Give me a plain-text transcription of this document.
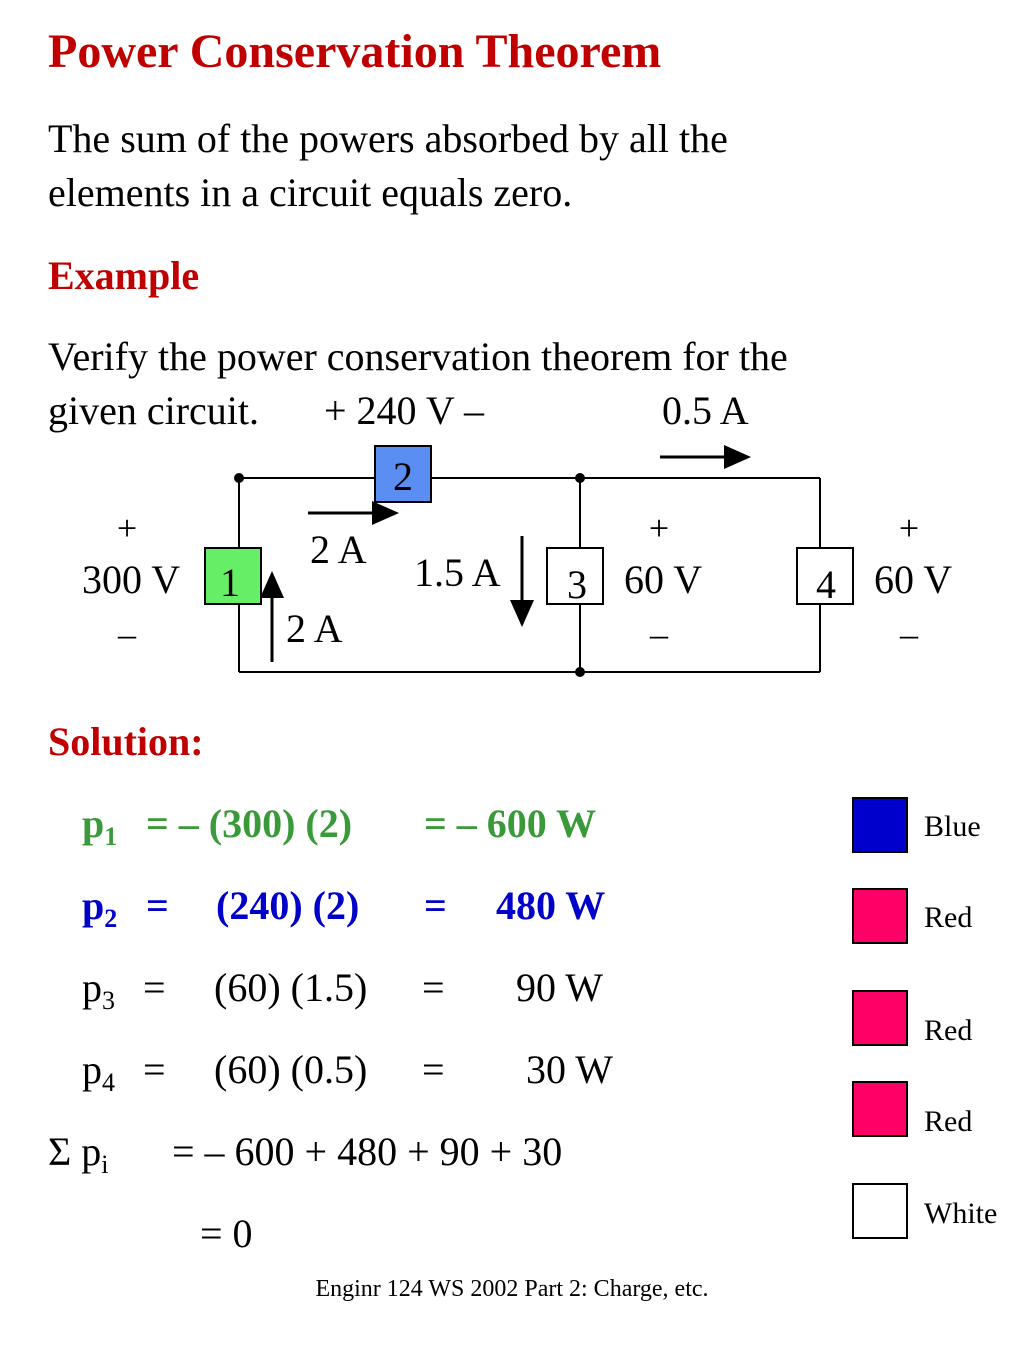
Power Conservation Theorem
The sum of the powers absorbed by all the
elements in a circuit equals zero.
Example
Verify the power conservation theorem for the
given circuit.	+ 240 V –	0.5 A
2
1	3	4
+
300 V
–
+
60 V
–
+
60 V
–
2 A
2 A
1.5 A
Solution:
$p_1$ = – (300) (2) = – 600 W
$p_2 = (240) (2) = 480$ W
$p_3 = (60) (1.5) = 90$ W
$p_4 = (60) (0.5) = 30$ W
Σ $p_i$ = – 600 + 480 + 90 + 30
= 0
Blue
Red
Red
Red
White
Enginr 124 WS 2002 Part 2: Charge, etc.
